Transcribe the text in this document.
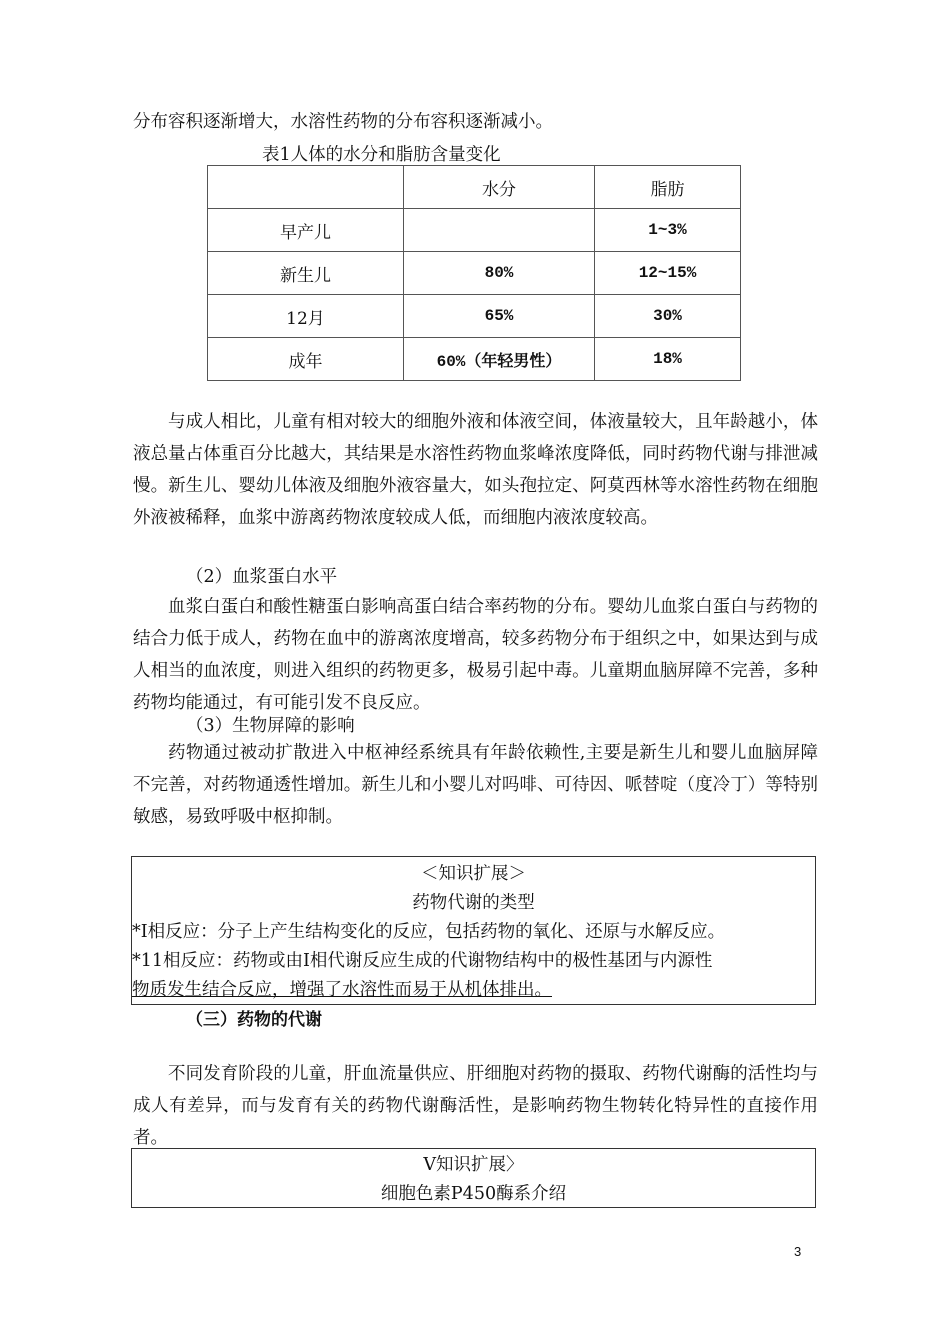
分布容积逐渐增大，水溶性药物的分布容积逐渐减小。
表1人体的水分和脂肪含量变化
	水分	脂肪
早产儿		1~3%
新生儿	80%	12~15%
12月	65%	30%
成年	60%（年轻男性）	18%
与成人相比，儿童有相对较大的细胞外液和体液空间，体液量较大，且年龄越小，体液总量占体重百分比越大，其结果是水溶性药物血浆峰浓度降低，同时药物代谢与排泄减慢。新生儿、婴幼儿体液及细胞外液容量大，如头孢拉定、阿莫西林等水溶性药物在细胞外液被稀释，血浆中游离药物浓度较成人低，而细胞内液浓度较高。
（2）血浆蛋白水平
血浆白蛋白和酸性糖蛋白影响高蛋白结合率药物的分布。婴幼儿血浆白蛋白与药物的结合力低于成人，药物在血中的游离浓度增高，较多药物分布于组织之中，如果达到与成人相当的血浓度，则进入组织的药物更多，极易引起中毒。儿童期血脑屏障不完善，多种药物均能通过，有可能引发不良反应。
（3）生物屏障的影响
药物通过被动扩散进入中枢神经系统具有年龄依赖性,主要是新生儿和婴儿血脑屏障不完善，对药物通透性增加。新生儿和小婴儿对吗啡、可待因、哌替啶（度冷丁）等特别敏感，易致呼吸中枢抑制。
＜知识扩展＞
药物代谢的类型
*I相反应：分子上产生结构变化的反应，包括药物的氧化、还原与水解反应。
*11相反应：药物或由I相代谢反应生成的代谢物结构中的极性基团与内源性
物质发生结合反应，增强了水溶性而易于从机体排出。
（三）药物的代谢
不同发育阶段的儿童，肝血流量供应、肝细胞对药物的摄取、药物代谢酶的活性均与成人有差异，而与发育有关的药物代谢酶活性，是影响药物生物转化特异性的直接作用者。
V知识扩展〉
细胞色素P450酶系介绍
3
